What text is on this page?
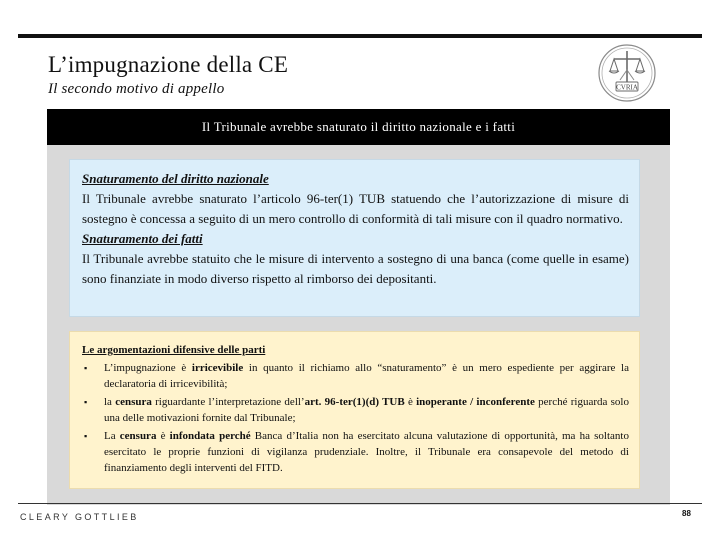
L’impugnazione della CE
Il secondo motivo di appello	CVRIA
Il Tribunale avrebbe snaturato il diritto nazionale e i fatti
Snaturamento del diritto nazionale

Il Tribunale avrebbe snaturato l’articolo 96-ter(1) TUB statuendo che l’autorizzazione di misure di sostegno è concessa a seguito di un mero controllo di conformità di tali misure con il quadro normativo.

Snaturamento dei fatti

Il Tribunale avrebbe statuito che le misure di intervento a sostegno di una banca (come quelle in esame) sono finanziate in modo diverso rispetto al rimborso dei depositanti.

Le argomentazioni difensive delle parti
▪ L’impugnazione è irricevibile in quanto il richiamo allo “snaturamento” è un mero espediente per aggirare la declaratoria di irricevibilità;
▪ la censura riguardante l’interpretazione dell’art. 96-ter(1)(d) TUB è inoperante / inconferente perché riguarda solo una delle motivazioni fornite dal Tribunale;
▪ La censura è infondata perché Banca d’Italia non ha esercitato alcuna valutazione di opportunità, ma ha soltanto esercitato le proprie funzioni di vigilanza prudenziale. Inoltre, il Tribunale era consapevole del metodo di finanziamento degli interventi del FITD.
CLEARY GOTTLIEB	88
